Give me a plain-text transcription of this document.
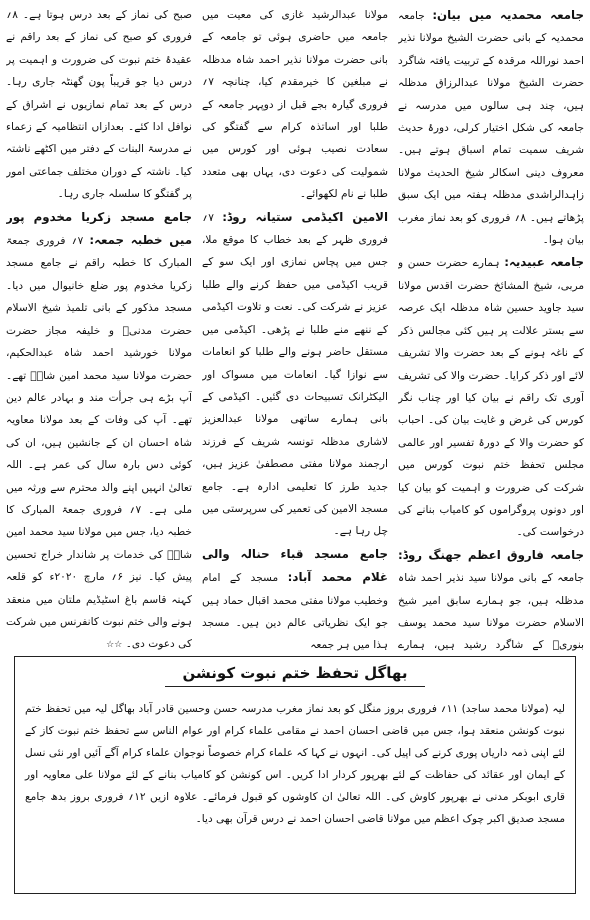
جامعہ محمدیہ میں بیان: جامعہ محمدیہ کے بانی حضرت الشیخ مولانا نذیر احمد نوراللہ مرقدہ کے تربیت یافتہ شاگرد حضرت الشیخ مولانا عبدالرزاق مدظلہ ہیں، چند ہی سالوں میں مدرسہ نے جامعہ کی شکل اختیار کرلی، دورۂ حدیث شریف سمیت تمام اسباق ہوتے ہیں۔ معروف دینی اسکالر شیخ الحدیث مولانا زاہدالراشدی مدظلہ ہفتہ میں ایک سبق پڑھاتے ہیں۔ ۸؍ فروری کو بعد نماز مغرب بیان ہوا۔

جامعہ عبیدیہ: ہمارے حضرت حسن و مربی، شیخ المشائخ حضرت اقدس مولانا سید جاوید حسین شاہ مدظلہ ایک عرصہ سے بستر علالت پر ہیں کئی مجالس ذکر کے ناغہ ہونے کے بعد حضرت والا تشریف لائے اور ذکر کرایا۔ حضرت والا کی تشریف آوری تک راقم نے بیان کیا اور چناب نگر کورس کی غرض و غایت بیان کی۔ احباب کو حضرت والا کے دورۂ تفسیر اور عالمی مجلس تحفظ ختم نبوت کورس میں شرکت کی ضرورت و اہمیت کو بیان کیا اور دونوں پروگراموں کو کامیاب بنانے کی درخواست کی۔

جامعہ فاروق اعظم جھنگ روڈ: جامعہ کے بانی مولانا سید نذیر احمد شاہ مدظلہ ہیں، جو ہمارے سابق امیر شیخ الاسلام حضرت مولانا سید محمد یوسف بنوریؒ کے شاگرد رشید ہیں، ہمارے

مولانا عبدالرشید غازی کی معیت میں جامعہ میں حاضری ہوئی تو جامعہ کے بانی حضرت مولانا نذیر احمد شاہ مدظلہ نے مبلغین کا خیرمقدم کیا، چنانچہ ۷؍ فروری گیارہ بجے قبل از دوپہر جامعہ کے طلبا اور اساتذہ کرام سے گفتگو کی سعادت نصیب ہوئی اور کورس میں شمولیت کی دعوت دی، یہاں بھی متعدد طلبا نے نام لکھوائے۔

الامین اکیڈمی ستیانہ روڈ: ۷؍ فروری ظہر کے بعد خطاب کا موقع ملا، جس میں پچاس نمازی اور ایک سو کے قریب اکیڈمی میں حفظ کرنے والے طلبا عزیز نے شرکت کی۔ نعت و تلاوت اکیڈمی کے ننھے منے طلبا نے پڑھی۔ اکیڈمی میں مستقل حاضر ہونے والے طلبا کو انعامات سے نوازا گیا۔ انعامات میں مسواک اور الیکٹرانک تسبیحات دی گئیں۔ اکیڈمی کے بانی ہمارے ساتھی مولانا عبدالعزیز لاشاری مدظلہ تونسہ شریف کے فرزند ارجمند مولانا مفتی مصطفیٰ عزیز ہیں، جدید طرز کا تعلیمی ادارہ ہے۔ جامع مسجد الامین کی تعمیر کی سرپرستی میں چل رہا ہے۔

جامع مسجد قباء حنالہ والی غلام محمد آباد: مسجد کے امام وخطیب مولانا مفتی محمد اقبال حماد ہیں جو ایک نظریاتی عالم دین ہیں۔ مسجد ہذا میں ہر جمعہ

صبح کی نماز کے بعد درس ہوتا ہے۔ ۸؍ فروری کو صبح کی نماز کے بعد راقم نے عقیدۂ ختم نبوت کی ضرورت و اہمیت پر درس دیا جو قریباً پون گھنٹہ جاری رہا۔ درس کے بعد تمام نمازیوں نے اشراق کے نوافل ادا کئے۔ بعدازاں انتظامیہ کے زعماء نے مدرسۃ البنات کے دفتر میں اکٹھے ناشتہ کیا۔ ناشتہ کے دوران مختلف جماعتی امور پر گفتگو کا سلسلہ جاری رہا۔

جامع مسجد زکریا مخدوم پور میں خطبہ جمعہ: ۷؍ فروری جمعۃ المبارک کا خطبہ راقم نے جامع مسجد زکریا مخدوم پور ضلع خانیوال میں دیا۔ مسجد مذکور کے بانی تلمیذ شیخ الاسلام حضرت مدنیؒ و خلیفہ مجاز حضرت مولانا خورشید احمد شاہ عبدالحکیم، حضرت مولانا سید محمد امین شاہؒ تھے۔ آپ بڑے ہی جرأت مند و بہادر عالم دین تھے۔ آپ کی وفات کے بعد مولانا معاویہ شاہ احسان ان کے جانشین ہیں، ان کی کوئی دس بارہ سال کی عمر ہے۔ اللہ تعالیٰ انہیں اپنے والد محترم سے ورثہ میں ملی ہے۔ ۷؍ فروری جمعۃ المبارک کا خطبہ دیا، جس میں مولانا سید محمد امین شاہؒ کی خدمات پر شاندار خراج تحسین پیش کیا۔ نیز ۶؍ مارچ ۲۰۲۰ء کو قلعہ کہنہ قاسم باغ اسٹیڈیم ملتان میں منعقد ہونے والی ختم نبوت کانفرنس میں شرکت کی دعوت دی۔ ☆☆

بھاگل تحفظ ختم نبوت کونشن

لیہ (مولانا محمد ساجد) ۱۱؍ فروری بروز منگل کو بعد نماز مغرب مدرسہ حسن وحسین قادر آباد بھاگل لیہ میں تحفظ ختم نبوت کونشن منعقد ہوا، جس میں قاضی احسان احمد نے مقامی علماء کرام اور عوام الناس سے تحفظ ختم نبوت کاز کے لئے اپنی ذمہ داریاں پوری کرنے کی اپیل کی۔ انہوں نے کہا کہ علماء کرام خصوصاً نوجوان علماء کرام آگے آئیں اور نئی نسل کے ایمان اور عقائد کی حفاظت کے لئے بھرپور کردار ادا کریں۔ اس کونشن کو کامیاب بنانے کے لئے مولانا علی معاویہ اور قاری ابوبکر مدنی نے بھرپور کاوش کی۔ اللہ تعالیٰ ان کاوشوں کو قبول فرمائے۔ علاوہ ازیں ۱۲؍ فروری بروز بدھ جامع مسجد صدیق اکبر چوک اعظم میں مولانا قاضی احسان احمد نے درس قرآن بھی دیا۔
